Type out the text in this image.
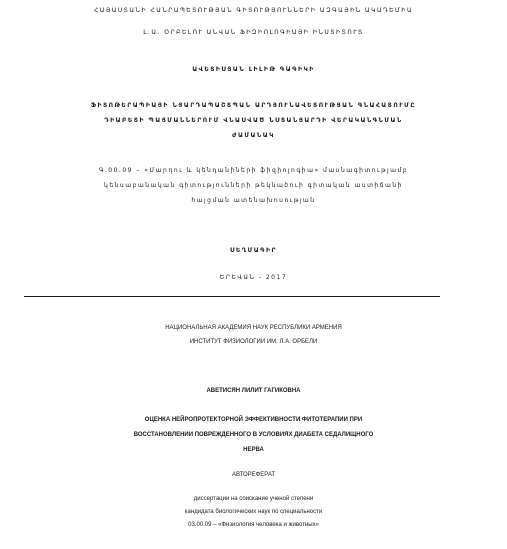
ՀԱՅԱՍՏԱՆԻ ՀԱՆՐԱՊԵՏՈՒԹՅԱՆ ԳԻՏՈՒԹՅՈՒՆՆԵՐԻ ԱԶԳԱՅԻՆ ԱԿԱԴԵՄԻԱ
Լ.Ա. ՕՐԲԵԼՈՒ ԱՆՎԱՆ ՖԻԶԻՈԼՈԳԻԱՅԻ ԻՆՍՏԻՏՈՒՏ
ԱՎԵՏԻՍՅԱՆ ԼԻԼԻԹ ԳԱԳԻԿԻ
ՖԻՏՈԹԵՐԱՊԻԱՅԻ ՆՅԱՐԴԱՊԱՇՏՊԱՆ ԱՐԴՅՈՒՆԱՎԵՏՈՒԹՅԱՆ ԳՆԱՀԱՏՈՒՄԸ
ԴԻԱԲԵՏԻ ՊԱՅՄԱՆՆԵՐՈՒՄ ՎՆԱՍՎԱԾ ՆՍՏԱՆՅԱՐԴԻ ՎԵՐԱԿԱՆԳՆՄԱՆ
ԺԱՄԱՆԱԿ
Գ.00.09 – «Մարդու և կենդանիների ֆիզիոլոգիա» մասնագիտությամբ
կենսաբանական գիտությունների թեկնածուի գիտական աստիճանի
հայցման ատենախոսության
ՍԵՂՄԱԳԻՐ
ԵՐԵՎԱՆ - 2017
НАЦИОНАЛЬНАЯ АКАДЕМИЯ НАУК РЕСПУБЛИКИ АРМЕНИЯ
ИНСТИТУТ ФИЗИОЛОГИИ ИМ. Л.А. ОРБЕЛИ
АВЕТИСЯН ЛИЛИТ ГАГИКОВНА
ОЦЕНКА НЕЙРОПРОТЕКТОРНОЙ ЭФФЕКТИВНОСТИ ФИТОТЕРАПИИ ПРИ
ВОССТАНОВЛЕНИИ ПОВРЕЖДЕННОГО В УСЛОВИЯХ ДИАБЕТА СЕДАЛИЩНОГО
НЕРВА
АВТОРЕФЕРАТ
диссертации на соискание ученой степени
кандидата биологических наук по специальности
03.00.09 – «Физиология человека и животных»
